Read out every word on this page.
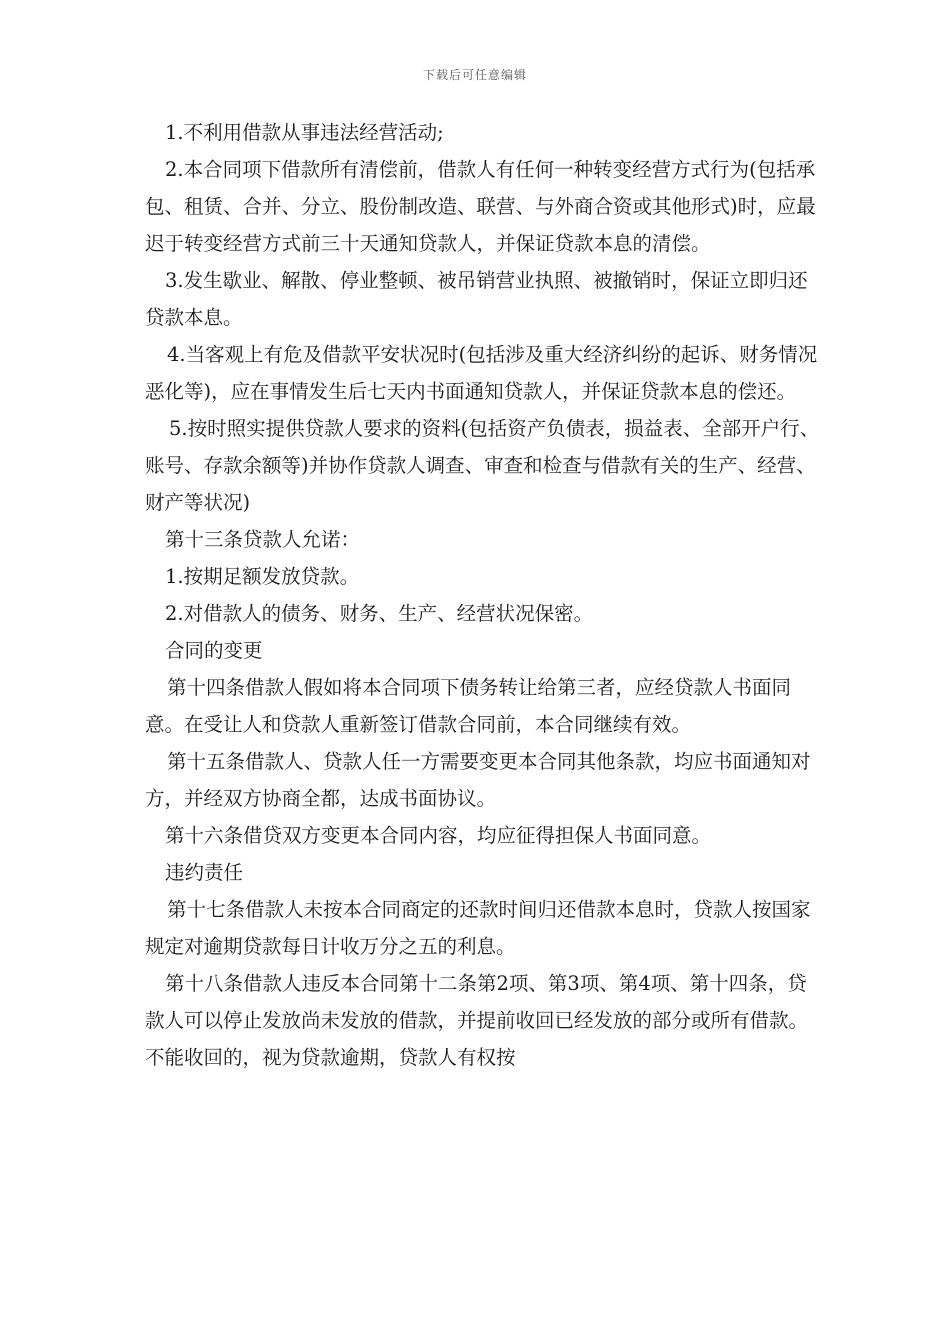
下载后可任意编辑

1.不利用借款从事违法经营活动;

2.本合同项下借款所有清偿前，借款人有任何一种转变经营方式行为(包括承包、租赁、合并、分立、股份制改造、联营、与外商合资或其他形式)时，应最迟于转变经营方式前三十天通知贷款人，并保证贷款本息的清偿。

3.发生歇业、解散、停业整顿、被吊销营业执照、被撤销时，保证立即归还贷款本息。

4.当客观上有危及借款平安状况时(包括涉及重大经济纠纷的起诉、财务情况恶化等)，应在事情发生后七天内书面通知贷款人，并保证贷款本息的偿还。

5.按时照实提供贷款人要求的资料(包括资产负债表，损益表、全部开户行、账号、存款余额等)并协作贷款人调查、审查和检查与借款有关的生产、经营、财产等状况)

第十三条贷款人允诺：

1.按期足额发放贷款。

2.对借款人的债务、财务、生产、经营状况保密。

合同的变更

第十四条借款人假如将本合同项下债务转让给第三者，应经贷款人书面同意。在受让人和贷款人重新签订借款合同前，本合同继续有效。

第十五条借款人、贷款人任一方需要变更本合同其他条款，均应书面通知对方，并经双方协商全都，达成书面协议。

第十六条借贷双方变更本合同内容，均应征得担保人书面同意。

违约责任

第十七条借款人未按本合同商定的还款时间归还借款本息时，贷款人按国家规定对逾期贷款每日计收万分之五的利息。

第十八条借款人违反本合同第十二条第2项、第3项、第4项、第十四条，贷款人可以停止发放尚未发放的借款，并提前收回已经发放的部分或所有借款。不能收回的，视为贷款逾期，贷款人有权按
